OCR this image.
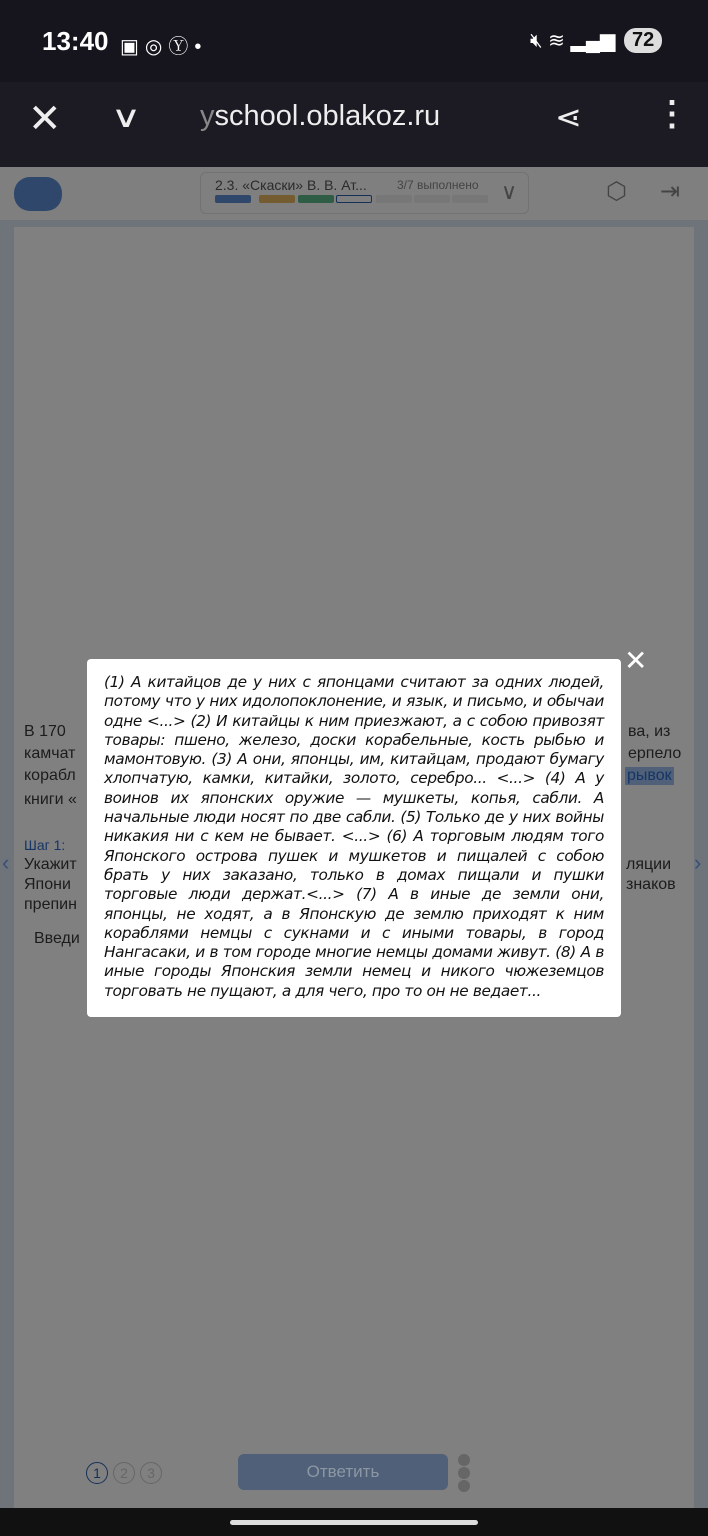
13:40 ▣◎Ⓨ•	🔇︎ ≋ ▂▄▆ 72
✕ ∨ yschool.oblakoz.ru	⋖ ⋮
2.3. «Скаски» В. В. Ат...	3/7 выполнено ∨	⬡ ⇥
В 170	ва, из
камчат	ерпело
корабл	рывок
книги «
Шаг 1:
Укажит	ляции
Япони	знаков
препин
Введи
1	2	3	Ответить
‹	›
✕

(1) А китайцов де у них с японцами считают за одних людей, потому что у них идолопоклонение, и язык, и письмо, и обычаи одне <...> (2) И китайцы к ним приезжают, а с собою привозят товары: пшено, железо, доски корабельные, кость рыбью и мамонтовую. (3) А они, японцы, им, китайцам, продают бумагу хлопчатую, камки, китайки, золото, серебро... <...> (4) А у воинов их японских оружие — мушкеты, копья, сабли. А начальные люди носят по две сабли. (5) Только де у них войны никакия ни с кем не бывает. <...> (6) А торговым людям того Японского острова пушек и мушкетов и пищалей с собою брать у них заказано, только в домах пищали и пушки торговые люди держат.<...> (7) А в иные де земли они, японцы, не ходят, а в Японскую де землю приходят к ним кораблями немцы с сукнами и с иными товары, в город Нангасаки, и в том городе многие немцы домами живут. (8) А в иные городы Японския земли немец и никого чюжеземцов торговать не пущают, а для чего, про то он не ведает...
